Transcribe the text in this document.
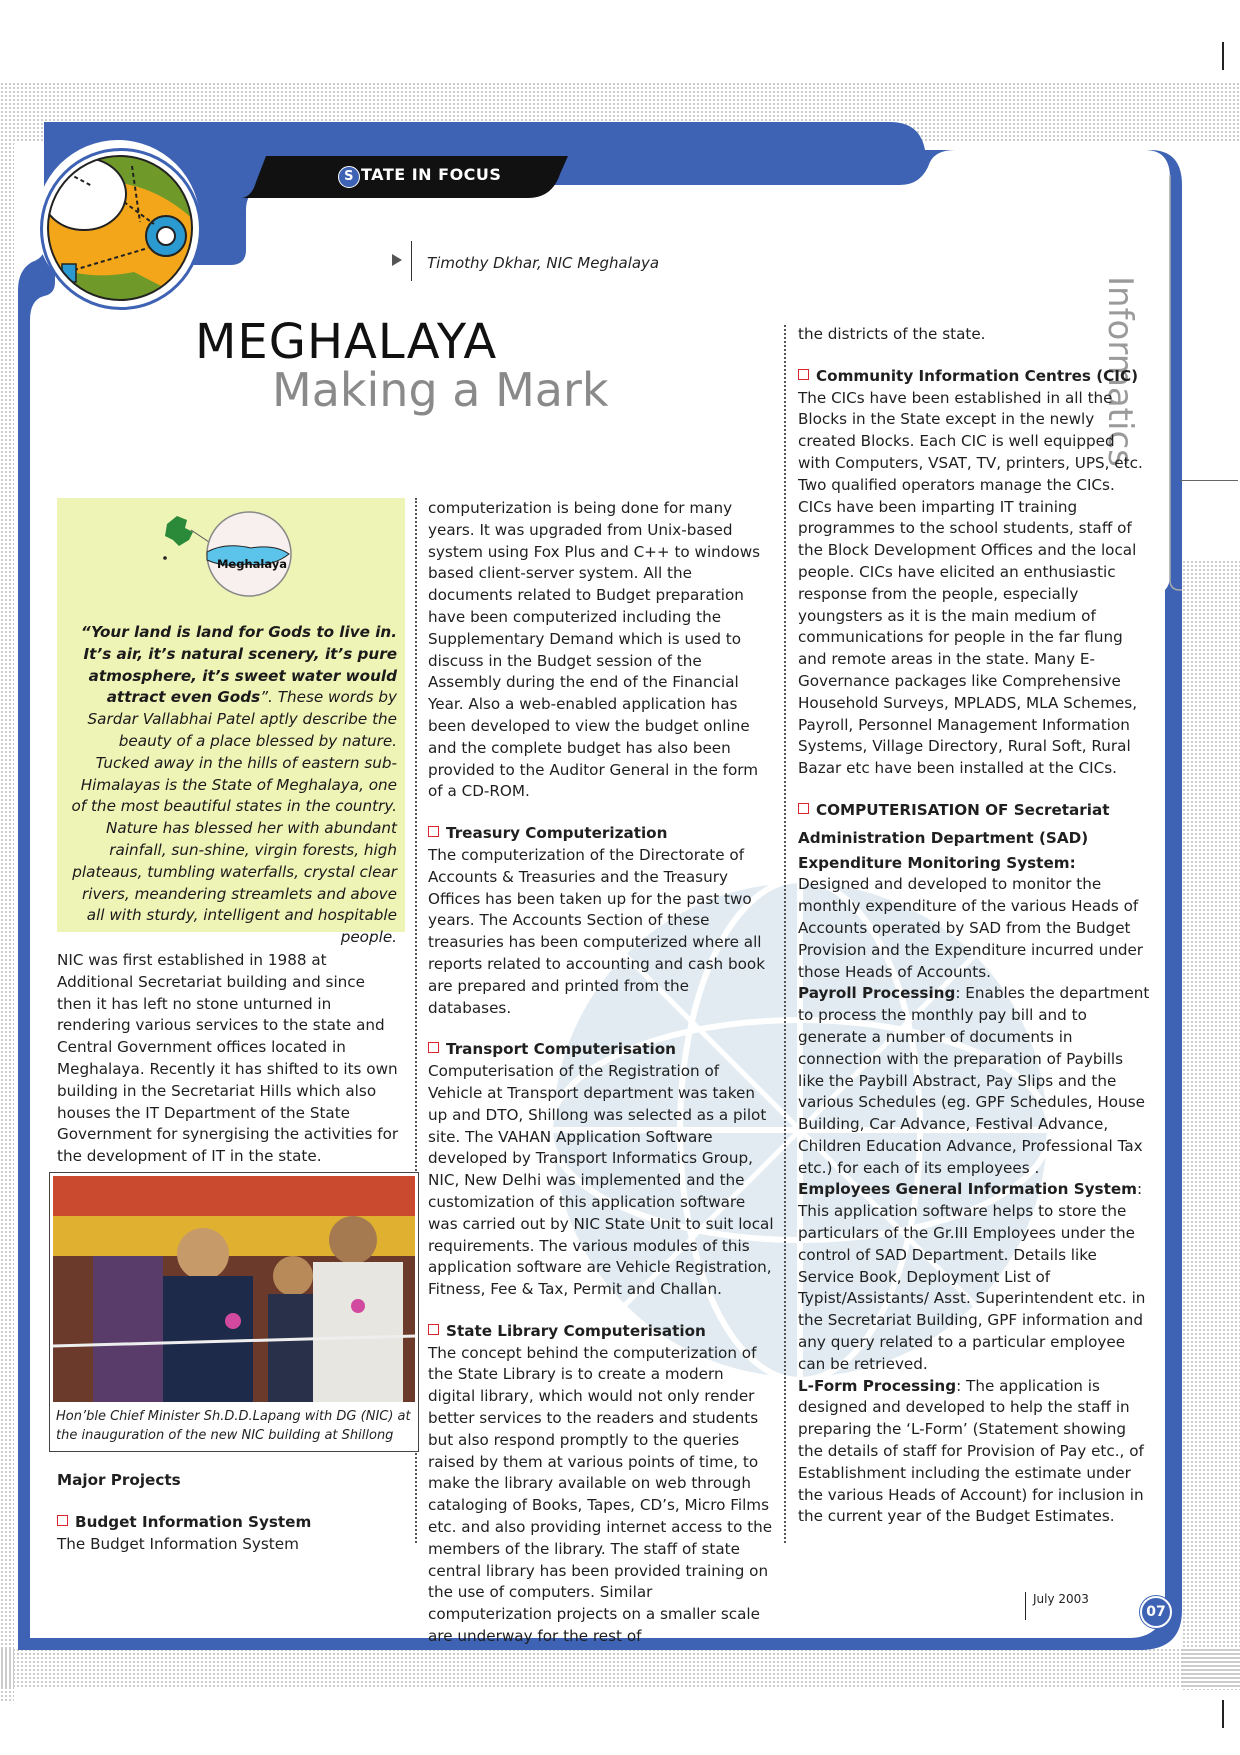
S TATE IN FOCUS
Timothy Dkhar, NIC Meghalaya
Informatics
MEGHALAYA
Making a Mark
Meghalaya
“Your land is land for Gods to live in. It’s air, it’s natural scenery, it’s pure atmosphere, it’s sweet water would attract even Gods”. These words by Sardar Vallabhai Patel aptly describe the beauty of a place blessed by nature. Tucked away in the hills of eastern sub-Himalayas is the State of Meghalaya, one of the most beautiful states in the country. Nature has blessed her with abundant rainfall, sun-shine, virgin forests, high plateaus, tumbling waterfalls, crystal clear rivers, meandering streamlets and above all with sturdy, intelligent and hospitable people.

NIC was first established in 1988 at Additional Secretariat building and since then it has left no stone unturned in rendering various services to the state and Central Government offices located in Meghalaya. Recently it has shifted to its own building in the Secretariat Hills which also houses the IT Department of the State Government for synergising the activities for the development of IT in the state.

Hon’ble Chief Minister Sh.D.D.Lapang with DG (NIC) at the inauguration of the new NIC building at Shillong

Major Projects

Budget Information System

The Budget Information System

computerization is being done for many years. It was upgraded from Unix-based system using Fox Plus and C++ to windows based client-server system. All the documents related to Budget preparation have been computerized including the Supplementary Demand which is used to discuss in the Budget session of the Assembly during the end of the Financial Year. Also a web-enabled application has been developed to view the budget online and the complete budget has also been provided to the Auditor General in the form of a CD-ROM.

Treasury Computerization

The computerization of the Directorate of Accounts & Treasuries and the Treasury Offices has been taken up for the past two years. The Accounts Section of these treasuries has been computerized where all reports related to accounting and cash book are prepared and printed from the databases.

Transport Computerisation

Computerisation of the Registration of Vehicle at Transport department was taken up and DTO, Shillong was selected as a pilot site. The VAHAN Application Software developed by Transport Informatics Group, NIC, New Delhi was implemented and the customization of this application software was carried out by NIC State Unit to suit local requirements. The various modules of this application software are Vehicle Registration, Fitness, Fee & Tax, Permit and Challan.

State Library Computerisation

The concept behind the computerization of the State Library is to create a modern digital library, which would not only render better services to the readers and students but also respond promptly to the queries raised by them at various points of time, to make the library available on web through cataloging of Books, Tapes, CD’s, Micro Films etc. and also providing internet access to the members of the library. The staff of state central library has been provided training on the use of computers. Similar computerization projects on a smaller scale are underway for the rest of

the districts of the state.

Community Information Centres (CIC)

The CICs have been established in all the Blocks in the State except in the newly created Blocks. Each CIC is well equipped with Computers, VSAT, TV, printers, UPS, etc. Two qualified operators manage the CICs. CICs have been imparting IT training programmes to the school students, staff of the Block Development Offices and the local people. CICs have elicited an enthusiastic response from the people, especially youngsters as it is the main medium of communications for people in the far flung and remote areas in the state. Many E-Governance packages like Comprehensive Household Surveys, MPLADS, MLA Schemes, Payroll, Personnel Management Information Systems, Village Directory, Rural Soft, Rural Bazar etc have been installed at the CICs.

COMPUTERISATION OF Secretariat

Administration Department (SAD)

Expenditure Monitoring System: Designed and developed to monitor the monthly expenditure of the various Heads of Accounts operated by SAD from the Budget Provision and the Expenditure incurred under those Heads of Accounts.

Payroll Processing: Enables the department to process the monthly pay bill and to generate a number of documents in connection with the preparation of Paybills like the Paybill Abstract, Pay Slips and the various Schedules (eg. GPF Schedules, House Building, Car Advance, Festival Advance, Children Education Advance, Professional Tax etc.) for each of its employees .

Employees General Information System: This application software helps to store the particulars of the Gr.III Employees under the control of SAD Department. Details like Service Book, Deployment List of Typist/Assistants/ Asst. Superintendent etc. in the Secretariat Building, GPF information and any query related to a particular employee can be retrieved.

L-Form Processing: The application is designed and developed to help the staff in preparing the ‘L-Form’ (Statement showing the details of staff for Provision of Pay etc., of Establishment including the estimate under the various Heads of Account) for inclusion in the current year of the Budget Estimates.

July 2003
07
